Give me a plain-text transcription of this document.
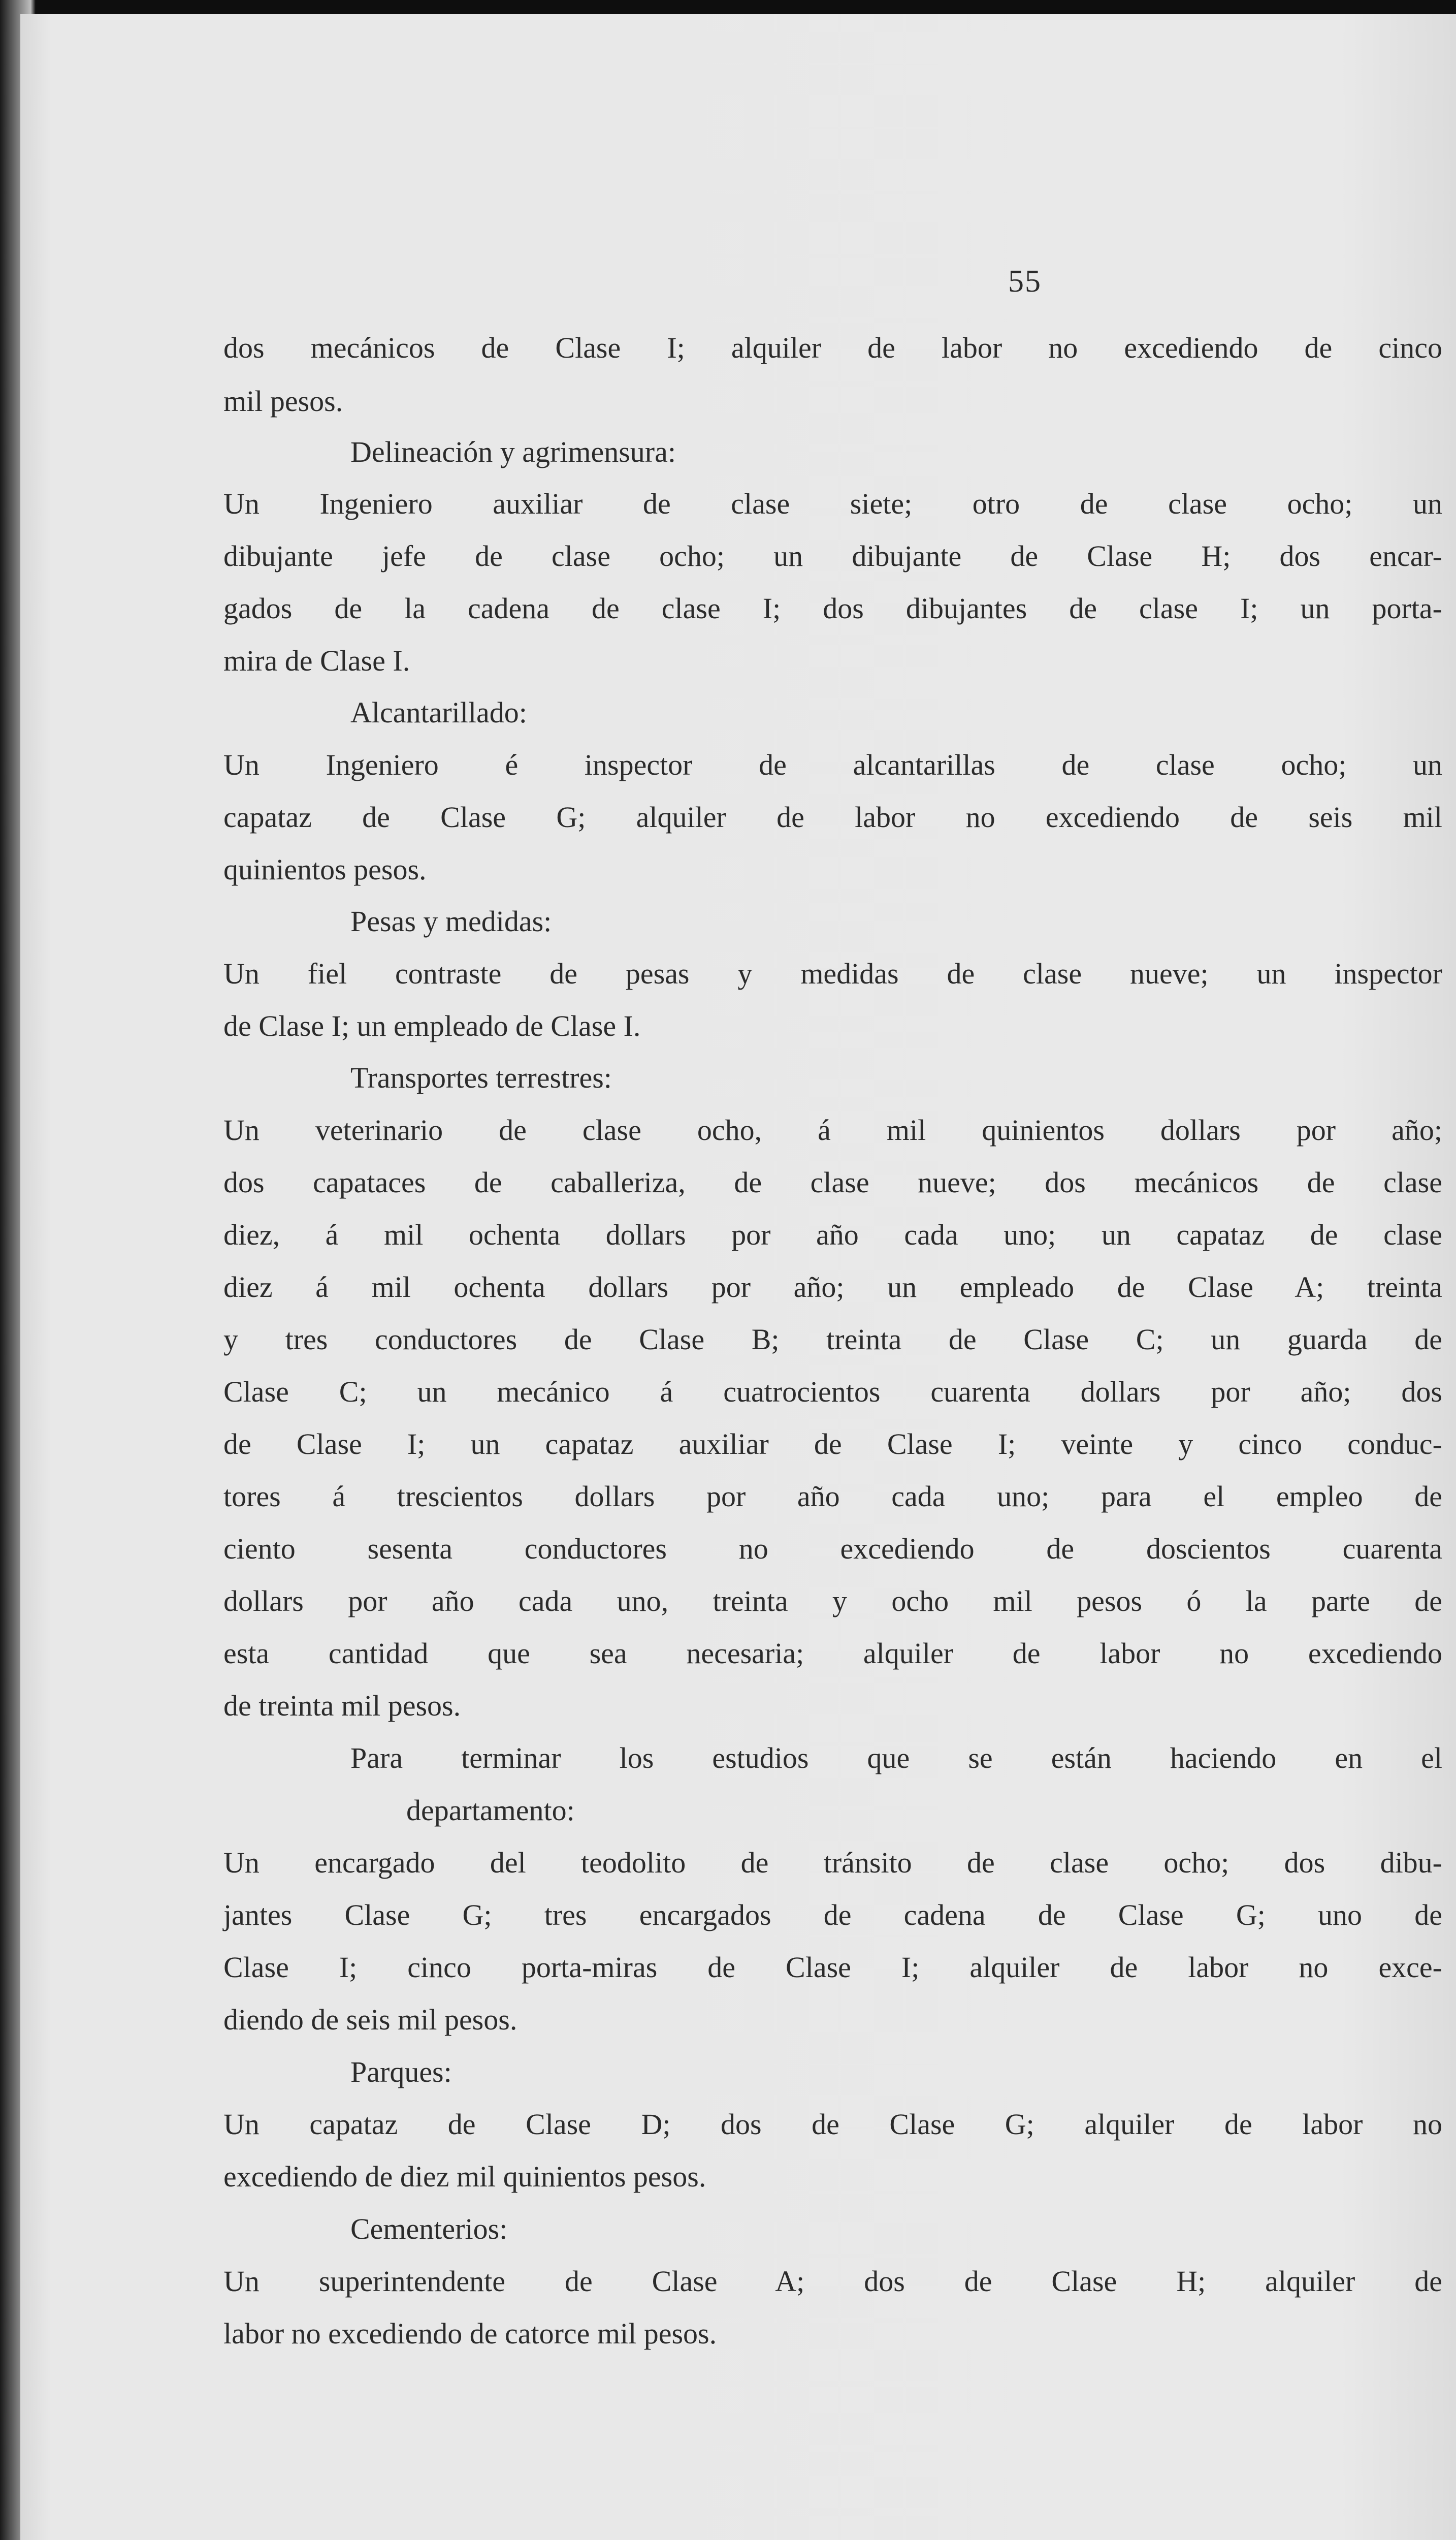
55
dos mecánicos de Clase I; alquiler de labor no excediendo de cinco
mil pesos.
Delineación y agrimensura:
Un Ingeniero auxiliar de clase siete; otro de clase ocho; un
dibujante jefe de clase ocho; un dibujante de Clase H; dos encar-
gados de la cadena de clase I; dos dibujantes de clase I; un porta-
mira de Clase I.
Alcantarillado:
Un Ingeniero é inspector de alcantarillas de clase ocho; un
capataz de Clase G; alquiler de labor no excediendo de seis mil
quinientos pesos.
Pesas y medidas:
Un fiel contraste de pesas y medidas de clase nueve; un inspector
de Clase I; un empleado de Clase I.
Transportes terrestres:
Un veterinario de clase ocho, á mil quinientos dollars por año;
dos capataces de caballeriza, de clase nueve; dos mecánicos de clase
diez, á mil ochenta dollars por año cada uno; un capataz de clase
diez á mil ochenta dollars por año; un empleado de Clase A; treinta
y tres conductores de Clase B; treinta de Clase C; un guarda de
Clase C; un mecánico á cuatrocientos cuarenta dollars por año; dos
de Clase I; un capataz auxiliar de Clase I; veinte y cinco conduc-
tores á trescientos dollars por año cada uno; para el empleo de
ciento sesenta conductores no excediendo de doscientos cuarenta
dollars por año cada uno, treinta y ocho mil pesos ó la parte de
esta cantidad que sea necesaria; alquiler de labor no excediendo
de treinta mil pesos.
Para terminar los estudios que se están haciendo en el
departamento:
Un encargado del teodolito de tránsito de clase ocho; dos dibu-
jantes Clase G; tres encargados de cadena de Clase G; uno de
Clase I; cinco porta-miras de Clase I; alquiler de labor no exce-
diendo de seis mil pesos.
Parques:
Un capataz de Clase D; dos de Clase G; alquiler de labor no
excediendo de diez mil quinientos pesos.
Cementerios:
Un superintendente de Clase A; dos de Clase H; alquiler de
labor no excediendo de catorce mil pesos.
